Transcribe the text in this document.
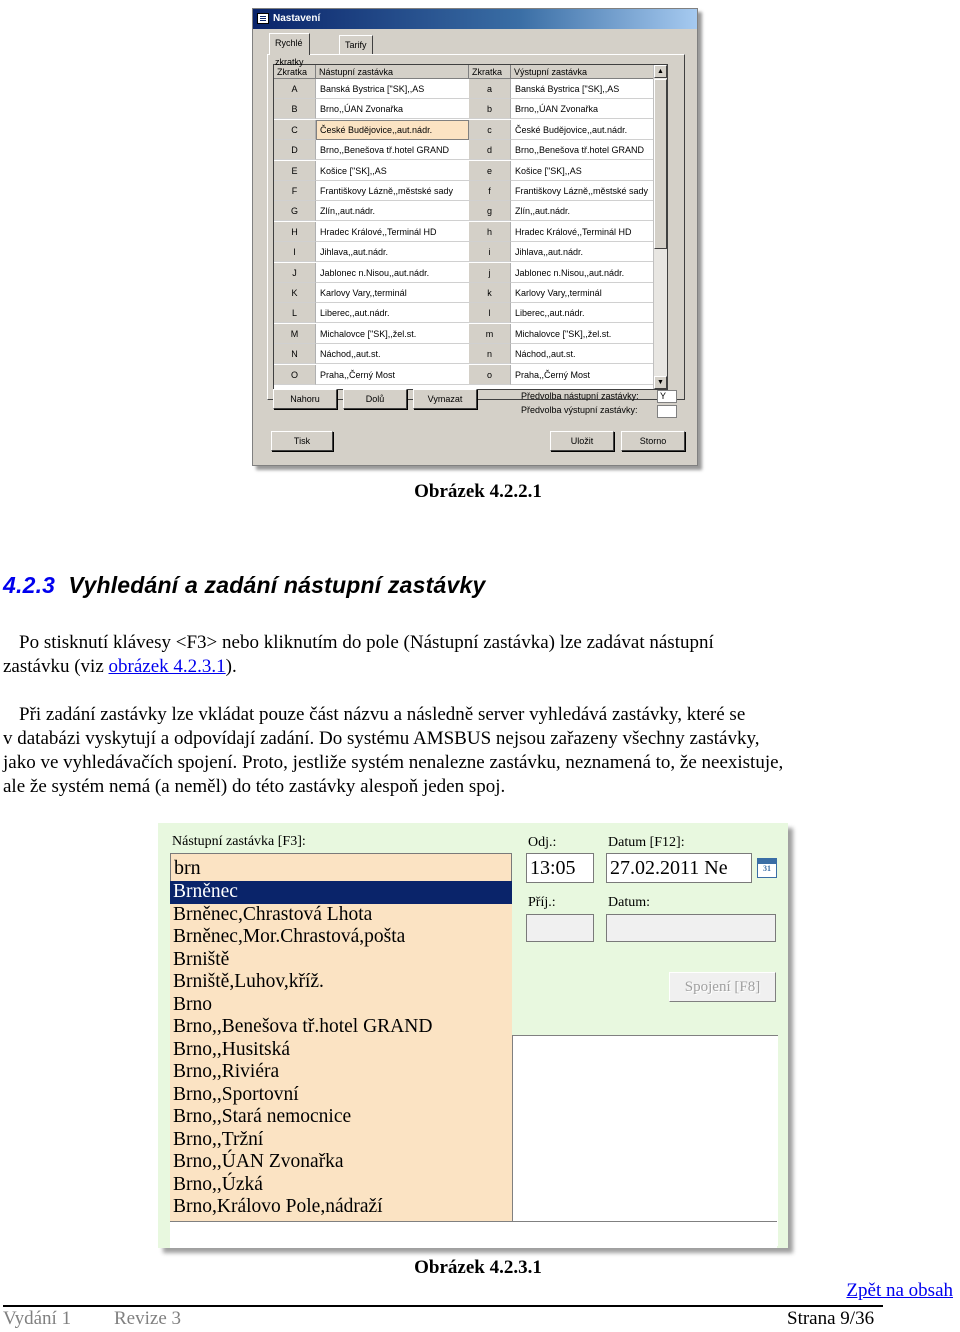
Nastavení
Rychlé zkratky
Tarify
Zkratka	Nástupní zastávka	Zkratka	Výstupní zastávka
A	Banská Bystrica ["SK],,AS	a	Banská Bystrica ["SK],,AS
B	Brno,,ÚAN Zvonařka	b	Brno,,ÚAN Zvonařka
C	České Budějovice,,aut.nádr.	c	České Budějovice,,aut.nádr.
D	Brno,,Benešova tř.hotel GRAND	d	Brno,,Benešova tř.hotel GRAND
E	Košice ["SK],,AS	e	Košice ["SK],,AS
F	Františkovy Lázně,,městské sady	f	Františkovy Lázně,,městské sady
G	Zlín,,aut.nádr.	g	Zlín,,aut.nádr.
H	Hradec Králové,,Terminál HD	h	Hradec Králové,,Terminál HD
I	Jihlava,,aut.nádr.	i	Jihlava,,aut.nádr.
J	Jablonec n.Nisou,,aut.nádr.	j	Jablonec n.Nisou,,aut.nádr.
K	Karlovy Vary,,terminál	k	Karlovy Vary,,terminál
L	Liberec,,aut.nádr.	l	Liberec,,aut.nádr.
M	Michalovce ["SK],,žel.st.	m	Michalovce ["SK],,žel.st.
N	Náchod,,aut.st.	n	Náchod,,aut.st.
O	Praha,,Černý Most	o	Praha,,Černý Most
▲
▼
Nahoru	Dolů	Vymazat	Předvolba nástupní zastávky:	Y
Předvolba výstupní zastávky:
Tisk	Uložit	Storno
Obrázek 4.2.2.1
4.2.3 Vyhledání a zadání nástupní zastávky
Po stisknutí klávesy <F3> nebo kliknutím do pole (Nástupní zastávka) lze zadávat nástupní
zastávku (viz obrázek 4.2.3.1).
Při zadání zastávky lze vkládat pouze část názvu a následně server vyhledává zastávky, které se
v databázi vyskytují a odpovídají zadání. Do systému AMSBUS nejsou zařazeny všechny zastávky,
jako ve vyhledávačích spojení. Proto, jestliže systém nenalezne zastávku, neznamená to, že neexistuje,
ale že systém nemá (a neměl) do této zastávky alespoň jeden spoj.
Nástupní zastávka [F3]:
brn
Brněnec
Brněnec,Chrastová Lhota
Brněnec,Mor.Chrastová,pošta
Brniště
Brniště,Luhov,kříž.
Brno
Brno,,Benešova tř.hotel GRAND
Brno,,Husitská
Brno,,Riviéra
Brno,,Sportovní
Brno,,Stará nemocnice
Brno,,Tržní
Brno,,ÚAN Zvonařka
Brno,,Úzká
Brno,Královo Pole,nádraží
Odj.:
13:05
Datum [F12]:
27.02.2011 Ne	31
Příj.:	Datum:
Spojení [F8]
Obrázek 4.2.3.1
Zpět na obsah
Vydání 1 Revize 3	Strana 9/36
